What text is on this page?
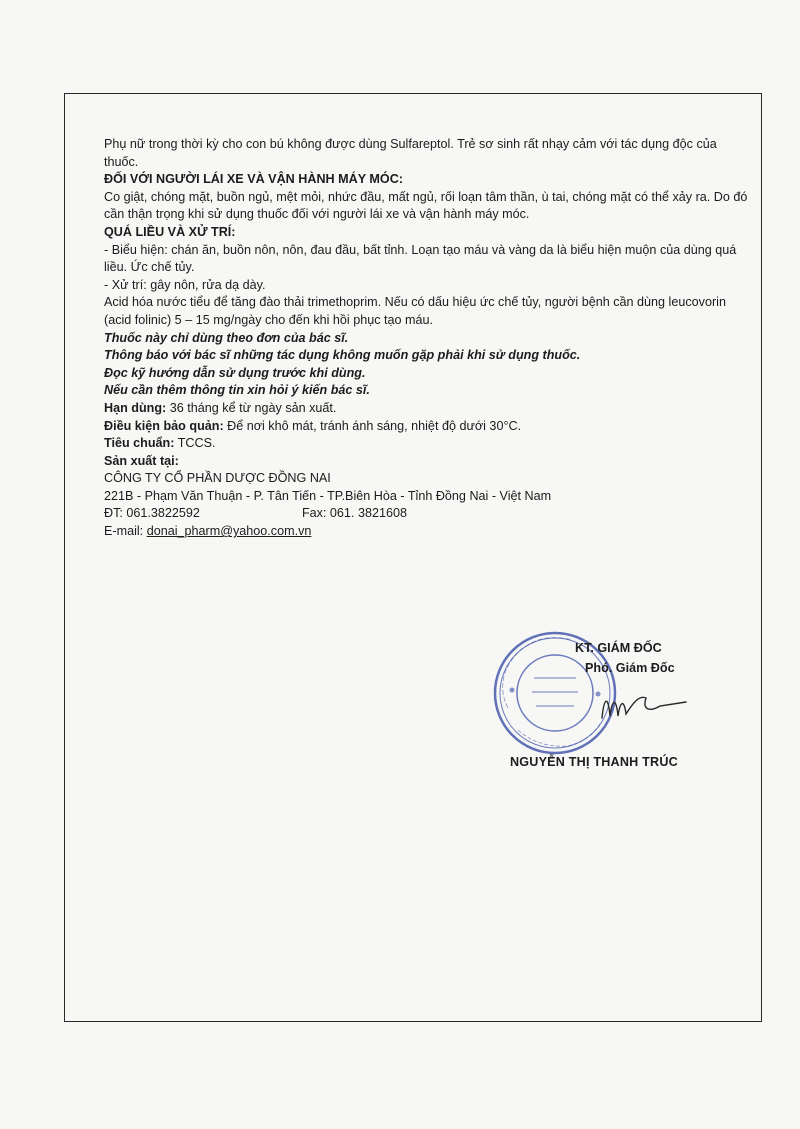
Phụ nữ trong thời kỳ cho con bú không được dùng Sulfareptol. Trẻ sơ sinh rất nhạy cảm với tác dụng độc của thuốc.

ĐỐI VỚI NGƯỜI LÁI XE VÀ VẬN HÀNH MÁY MÓC:

Co giật, chóng mặt, buồn ngủ, mệt mỏi, nhức đầu, mất ngủ, rối loạn tâm thần, ù tai, chóng mặt có thể xảy ra. Do đó cần thận trọng khi sử dụng thuốc đối với người lái xe và vận hành máy móc.

QUÁ LIỀU VÀ XỬ TRÍ:

- Biểu hiện: chán ăn, buồn nôn, nôn, đau đầu, bất tỉnh. Loạn tạo máu và vàng da là biểu hiện muộn của dùng quá liều. Ức chế tủy.

- Xử trí: gây nôn, rửa dạ dày.

Acid hóa nước tiểu để tăng đào thải trimethoprim. Nếu có dấu hiệu ức chế tủy, người bệnh cần dùng leucovorin (acid folinic) 5 – 15 mg/ngày cho đến khi hồi phục tạo máu.

Thuốc này chỉ dùng theo đơn của bác sĩ.

Thông báo với bác sĩ những tác dụng không muốn gặp phải khi sử dụng thuốc.

Đọc kỹ hướng dẫn sử dụng trước khi dùng.

Nếu cần thêm thông tin xin hỏi ý kiến bác sĩ.

Hạn dùng: 36 tháng kể từ ngày sản xuất.

Điều kiện bảo quản: Để nơi khô mát, tránh ánh sáng, nhiệt độ dưới 30°C.

Tiêu chuẩn: TCCS.

Sản xuất tại:

CÔNG TY CỔ PHẦN DƯỢC ĐỒNG NAI

221B - Phạm Văn Thuận - P. Tân Tiến - TP.Biên Hòa - Tỉnh Đồng Nai - Việt Nam

ĐT: 061.3822592	Fax: 061. 3821608

E-mail: donai_pharm@yahoo.com.vn

KT. GIÁM ĐỐC
Phó. Giám Đốc
NGUYỄN THỊ THANH TRÚC
